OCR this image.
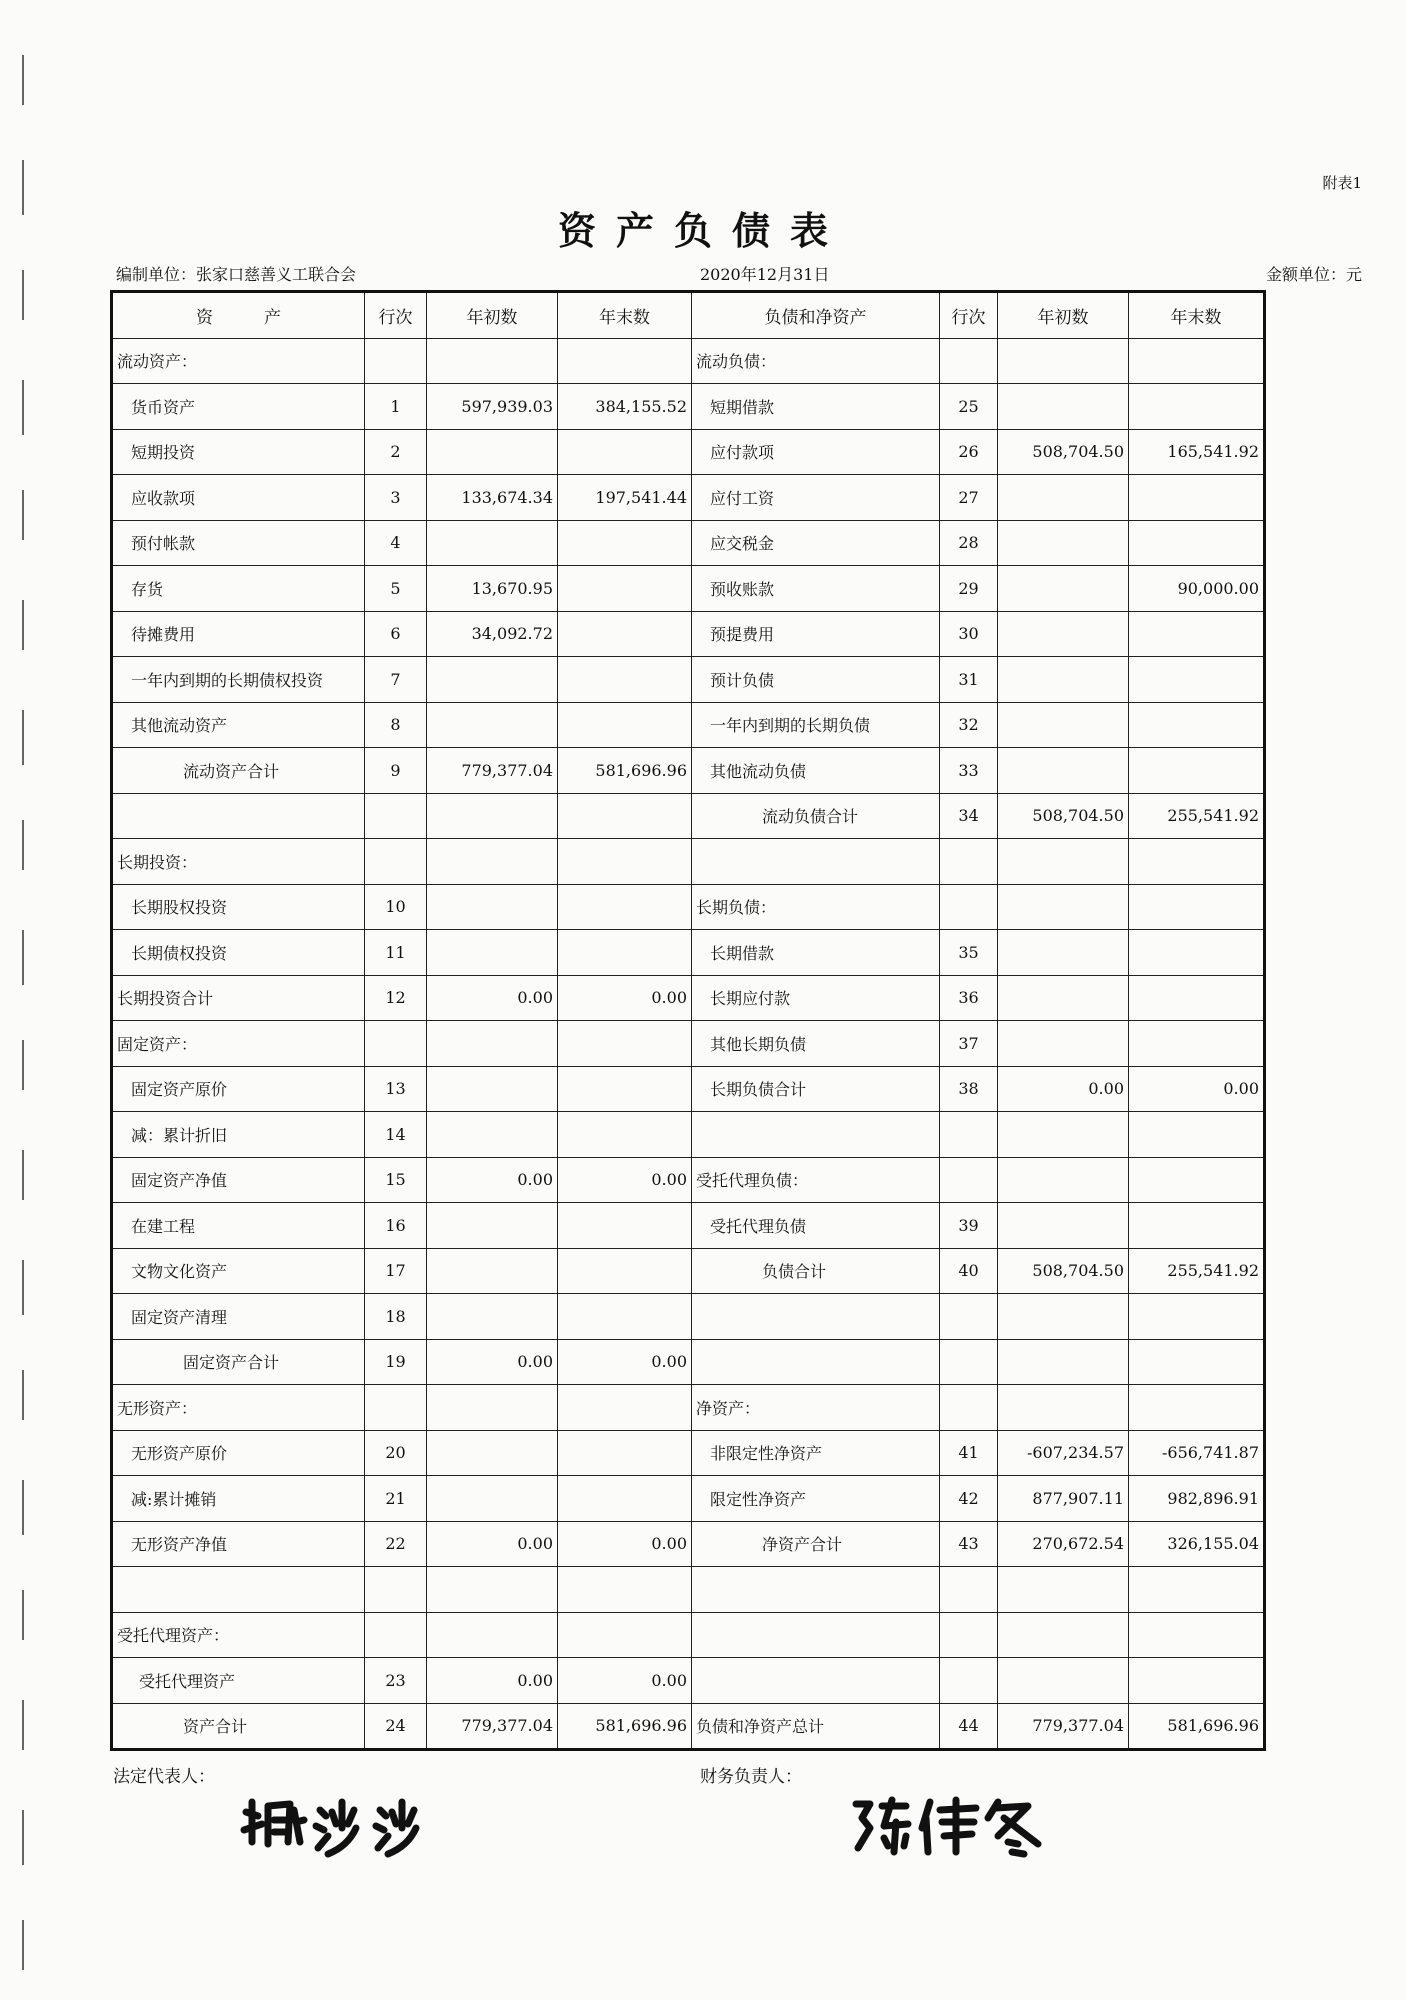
附表1
资产负债表
编制单位：张家口慈善义工联合会	2020年12月31日	金额单位：元
资　　　产	行次	年初数	年末数	负债和净资产	行次	年初数	年末数
流动资产：				流动负债：			
货币资产	1	597,939.03	384,155.52	短期借款	25		
短期投资	2			应付款项	26	508,704.50	165,541.92
应收款项	3	133,674.34	197,541.44	应付工资	27		
预付帐款	4			应交税金	28		
存货	5	13,670.95		预收账款	29		90,000.00
待摊费用	6	34,092.72		预提费用	30		
一年内到期的长期债权投资	7			预计负债	31		
其他流动资产	8			一年内到期的长期负债	32		
流动资产合计	9	779,377.04	581,696.96	其他流动负债	33		
				流动负债合计	34	508,704.50	255,541.92
长期投资：							
长期股权投资	10			长期负债：			
长期债权投资	11			长期借款	35		
长期投资合计	12	0.00	0.00	长期应付款	36		
固定资产：				其他长期负债	37		
固定资产原价	13			长期负债合计	38	0.00	0.00
减：累计折旧	14						
固定资产净值	15	0.00	0.00	受托代理负债：			
在建工程	16			受托代理负债	39		
文物文化资产	17			负债合计	40	508,704.50	255,541.92
固定资产清理	18						
固定资产合计	19	0.00	0.00				
无形资产：				净资产：			
无形资产原价	20			非限定性净资产	41	-607,234.57	-656,741.87
减:累计摊销	21			限定性净资产	42	877,907.11	982,896.91
无形资产净值	22	0.00	0.00	净资产合计	43	270,672.54	326,155.04

受托代理资产：							
受托代理资产	23	0.00	0.00				
资产合计	24	779,377.04	581,696.96	负债和净资产总计	44	779,377.04	581,696.96
法定代表人：	财务负责人：
